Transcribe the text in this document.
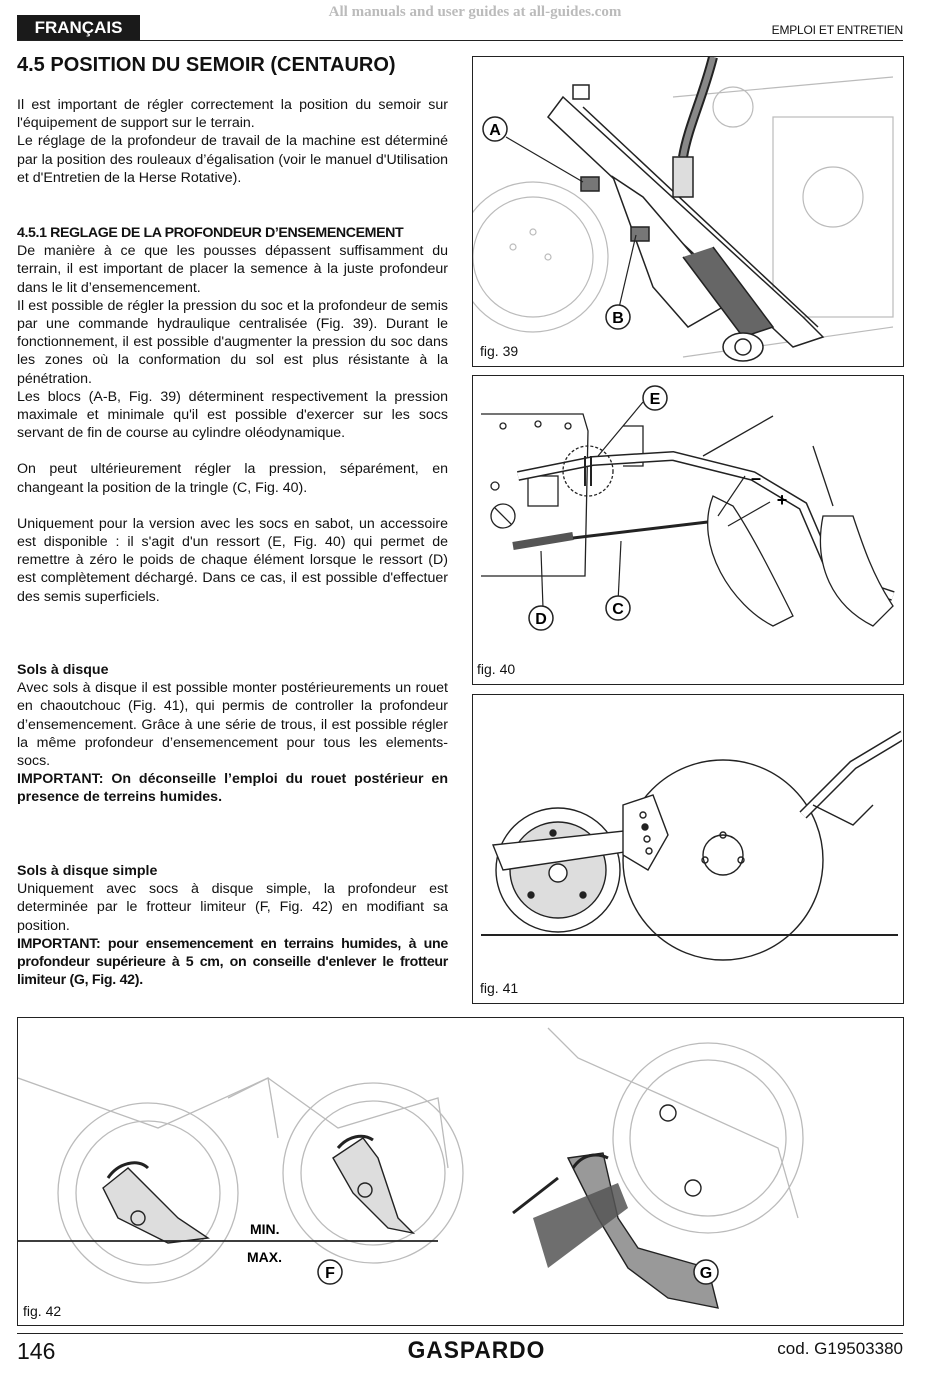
All manuals and user guides at all-guides.com
FRANÇAIS	EMPLOI ET ENTRETIEN
4.5 POSITION DU SEMOIR (CENTAURO)

Il est important de régler correctement la position du semoir sur l'équipement de support sur le terrain.

Le réglage de la profondeur de travail de la machine est déterminé par la position des rouleaux d’égalisation (voir le manuel d'Utilisation et d'Entretien de la Herse Rotative).

4.5.1 REGLAGE DE LA PROFONDEUR D’ENSEMENCEMENT

De manière à ce que les pousses dépassent suffisamment du terrain, il est important de placer la semence à la juste profondeur dans le lit d’ensemencement.

Il est possible de régler la pression du soc et la profondeur de semis par une commande hydraulique centralisée (Fig. 39). Durant le fonctionnement, il est possible d'augmenter la pression du soc dans les zones où la conformation du sol est plus résistante à la pénétration.

Les blocs (A-B, Fig. 39) déterminent respectivement la pression maximale et minimale qu'il est possible d'exercer sur les socs servant de fin de course au cylindre oléodynamique.

On peut ultérieurement régler la pression, séparément, en changeant la position de la tringle (C, Fig. 40).

Uniquement pour la version avec les socs en sabot, un accessoire est disponible : il s'agit d'un ressort (E, Fig. 40) qui permet de remettre à zéro le poids de chaque élément lorsque le ressort (D) est complètement déchargé. Dans ce cas, il est possible d'effectuer des semis superficiels.

Sols à disque

Avec sols à disque il est possible monter postérieurements un rouet en chaoutchouc (Fig. 41), qui permis de controller la profondeur d’ensemencement. Grâce à une série de trous, il est possible régler la même profondeur d’ensemencement pour tous les elements-socs.

IMPORTANT: On déconseille l’emploi du rouet postérieur en presence de terreins humides.

Sols à disque simple

Uniquement avec socs à disque simple, la profondeur est determinée par le frotteur limiteur (F, Fig. 42) en modifiant sa position.

IMPORTANT: pour ensemencement en terrains humides, à une profondeur supérieure à 5 cm, on conseille d'enlever le frotteur limiteur (G, Fig. 42).

A
B
fig. 39
E
D
C
–
+
fig. 40
fig. 41
MIN.
MAX.
F	G
fig. 42
146	GASPARDO	cod. G19503380
